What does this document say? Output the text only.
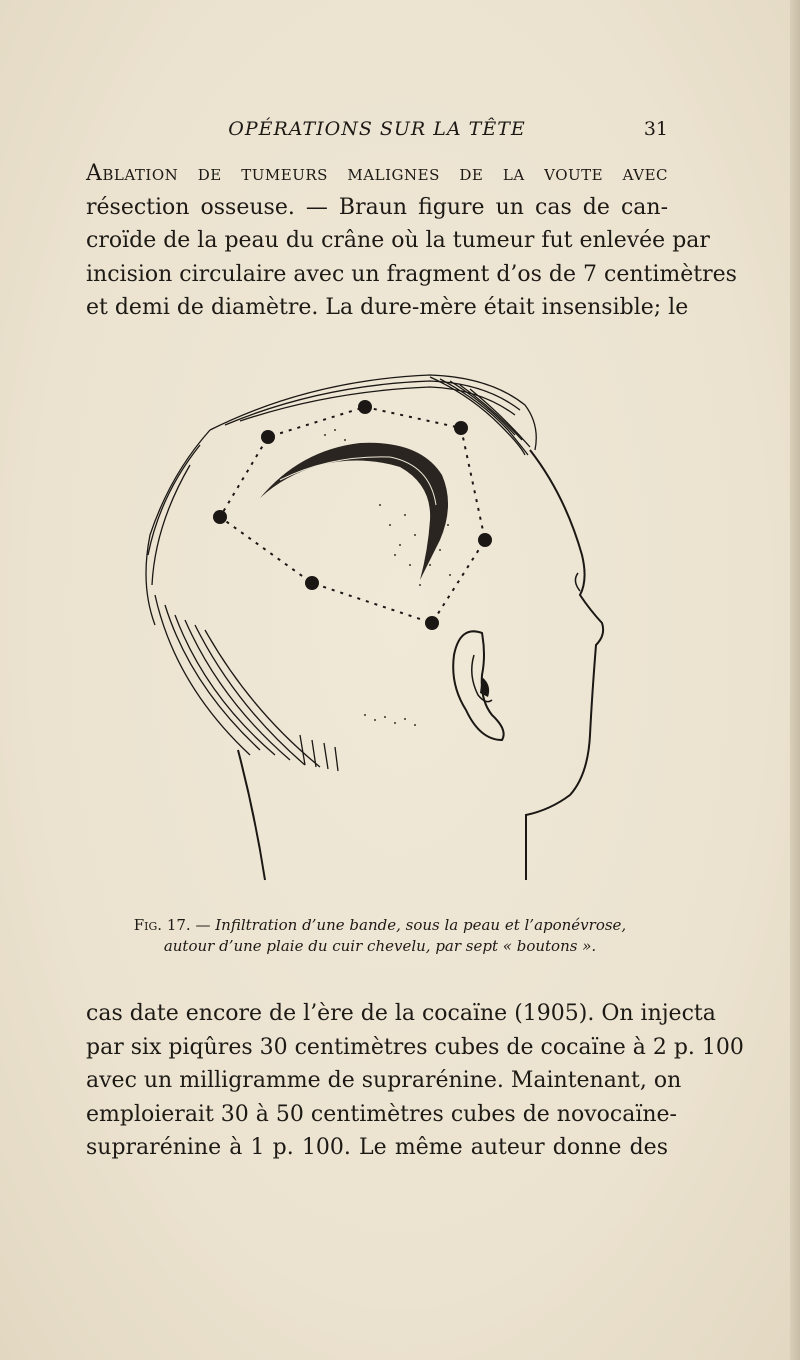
OPÉRATIONS SUR LA TÊTE	31
Ablation de tumeurs malignes de la voute avec
résection osseuse. — Braun figure un cas de can-
croïde de la peau du crâne où la tumeur fut enlevée par
incision circulaire avec un fragment d’os de 7 centimètres
et demi de diamètre. La dure-mère était insensible; le
Fig. 17. — Infiltration d’une bande, sous la peau et l’aponévrose,
autour d’une plaie du cuir chevelu, par sept « boutons ».
cas date encore de l’ère de la cocaïne (1905). On injecta
par six piqûres 30 centimètres cubes de cocaïne à 2 p. 100
avec un milligramme de suprarénine. Maintenant, on
emploierait 30 à 50 centimètres cubes de novocaïne-
suprarénine à 1 p. 100. Le même auteur donne des
